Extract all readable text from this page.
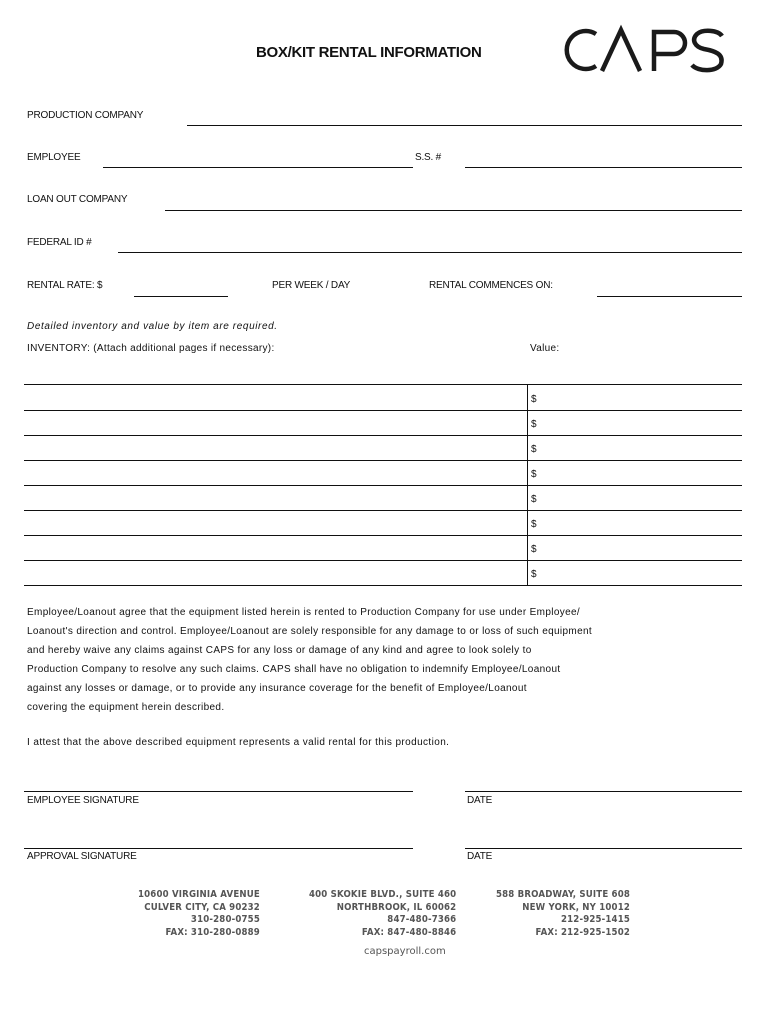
BOX/KIT RENTAL INFORMATION
PRODUCTION COMPANY
EMPLOYEE	S.S. #
LOAN OUT COMPANY
FEDERAL ID #
RENTAL RATE: $	PER WEEK / DAY	RENTAL COMMENCES ON:
Detailed inventory and value by item are required.
INVENTORY: (Attach additional pages if necessary):	Value:
$
$
$
$
$
$
$
$

Employee/Loanout agree that the equipment listed herein is rented to Production Company for use under Employee/

Loanout's direction and control. Employee/Loanout are solely responsible for any damage to or loss of such equipment

and hereby waive any claims against CAPS for any loss or damage of any kind and agree to look solely to

Production Company to resolve any such claims. CAPS shall have no obligation to indemnify Employee/Loanout

against any losses or damage, or to provide any insurance coverage for the benefit of Employee/Loanout

covering the equipment herein described.

I attest that the above described equipment represents a valid rental for this production.
EMPLOYEE SIGNATURE	DATE
APPROVAL SIGNATURE	DATE
10600 VIRGINIA AVENUE
CULVER CITY, CA 90232
310-280-0755
FAX: 310-280-0889
400 SKOKIE BLVD., SUITE 460
NORTHBROOK, IL 60062
847-480-7366
FAX: 847-480-8846
588 BROADWAY, SUITE 608
NEW YORK, NY 10012
212-925-1415
FAX: 212-925-1502
capspayroll.com
